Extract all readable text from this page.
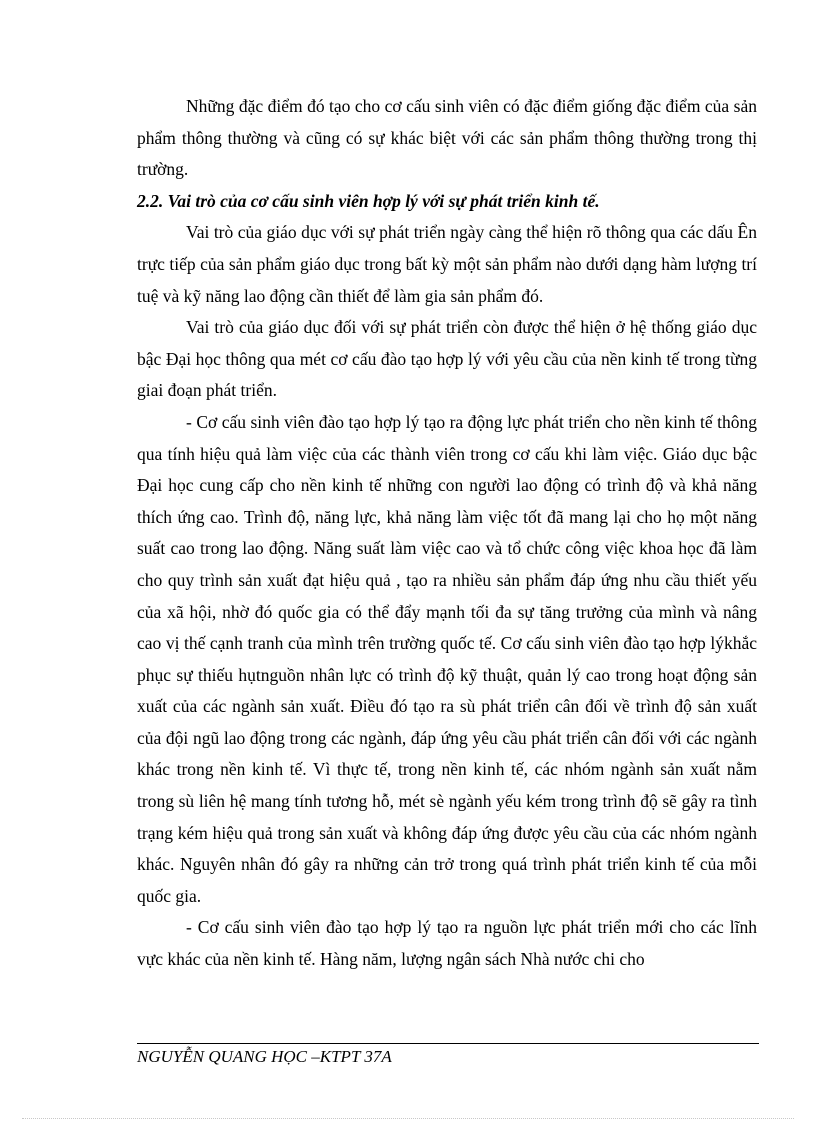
Những đặc điểm đó tạo cho cơ cấu sinh viên có đặc điểm giống đặc điểm của sản phẩm thông thường và cũng có sự khác biệt với các sản phẩm thông thường trong thị trường.

2.2. Vai trò của cơ cấu sinh viên hợp lý với sự phát triển kinh tế.

Vai trò của giáo dục với sự phát triển ngày càng thể hiện rõ thông qua các dấu Ên trực tiếp của sản phẩm giáo dục trong bất kỳ một sản phẩm nào dưới dạng hàm lượng trí tuệ và kỹ năng lao động cần thiết để làm gia sản phẩm đó.

Vai trò của giáo dục đối với sự phát triển còn được thể hiện ở hệ thống giáo dục bậc Đại học thông qua mét cơ cấu đào tạo hợp lý với yêu cầu của nền kinh tế trong từng giai đoạn phát triển.

- Cơ cấu sinh viên đào tạo hợp lý tạo ra động lực phát triển cho nền kinh tế thông qua tính hiệu quả làm việc của các thành viên trong cơ cấu khi làm việc. Giáo dục bậc Đại học cung cấp cho nền kinh tế những con người lao động có trình độ và khả năng thích ứng cao. Trình độ, năng lực, khả năng làm việc tốt đã mang lại cho họ một năng suất cao trong lao động. Năng suất làm việc cao và tổ chức công việc khoa học đã làm cho quy trình sản xuất đạt hiệu quả , tạo ra nhiều sản phẩm đáp ứng nhu cầu thiết yếu của xã hội, nhờ đó quốc gia có thể đẩy mạnh tối đa sự tăng trưởng của mình và nâng cao vị thế cạnh tranh của mình trên trường quốc tế. Cơ cấu sinh viên đào tạo hợp lýkhắc phục sự thiếu hụtnguồn nhân lực có trình độ kỹ thuật, quản lý cao trong hoạt động sản xuất của các ngành sản xuất. Điều đó tạo ra sù phát triển cân đối về trình độ sản xuất của đội ngũ lao động trong các ngành, đáp ứng yêu cầu phát triển cân đối với các ngành khác trong nền kinh tế. Vì thực tế, trong nền kinh tế, các nhóm ngành sản xuất nằm trong sù liên hệ mang tính tương hỗ, mét sè ngành yếu kém trong trình độ sẽ gây ra tình trạng kém hiệu quả trong sản xuất và không đáp ứng được yêu cầu của các nhóm ngành khác. Nguyên nhân đó gây ra những cản trở trong quá trình phát triển kinh tế của mỗi quốc gia.

- Cơ cấu sinh viên đào tạo hợp lý tạo ra nguồn lực phát triển mới cho các lĩnh vực khác của nền kinh tế. Hàng năm, lượng ngân sách Nhà nước chi cho

NGUYỄN QUANG HỌC –KTPT 37A
